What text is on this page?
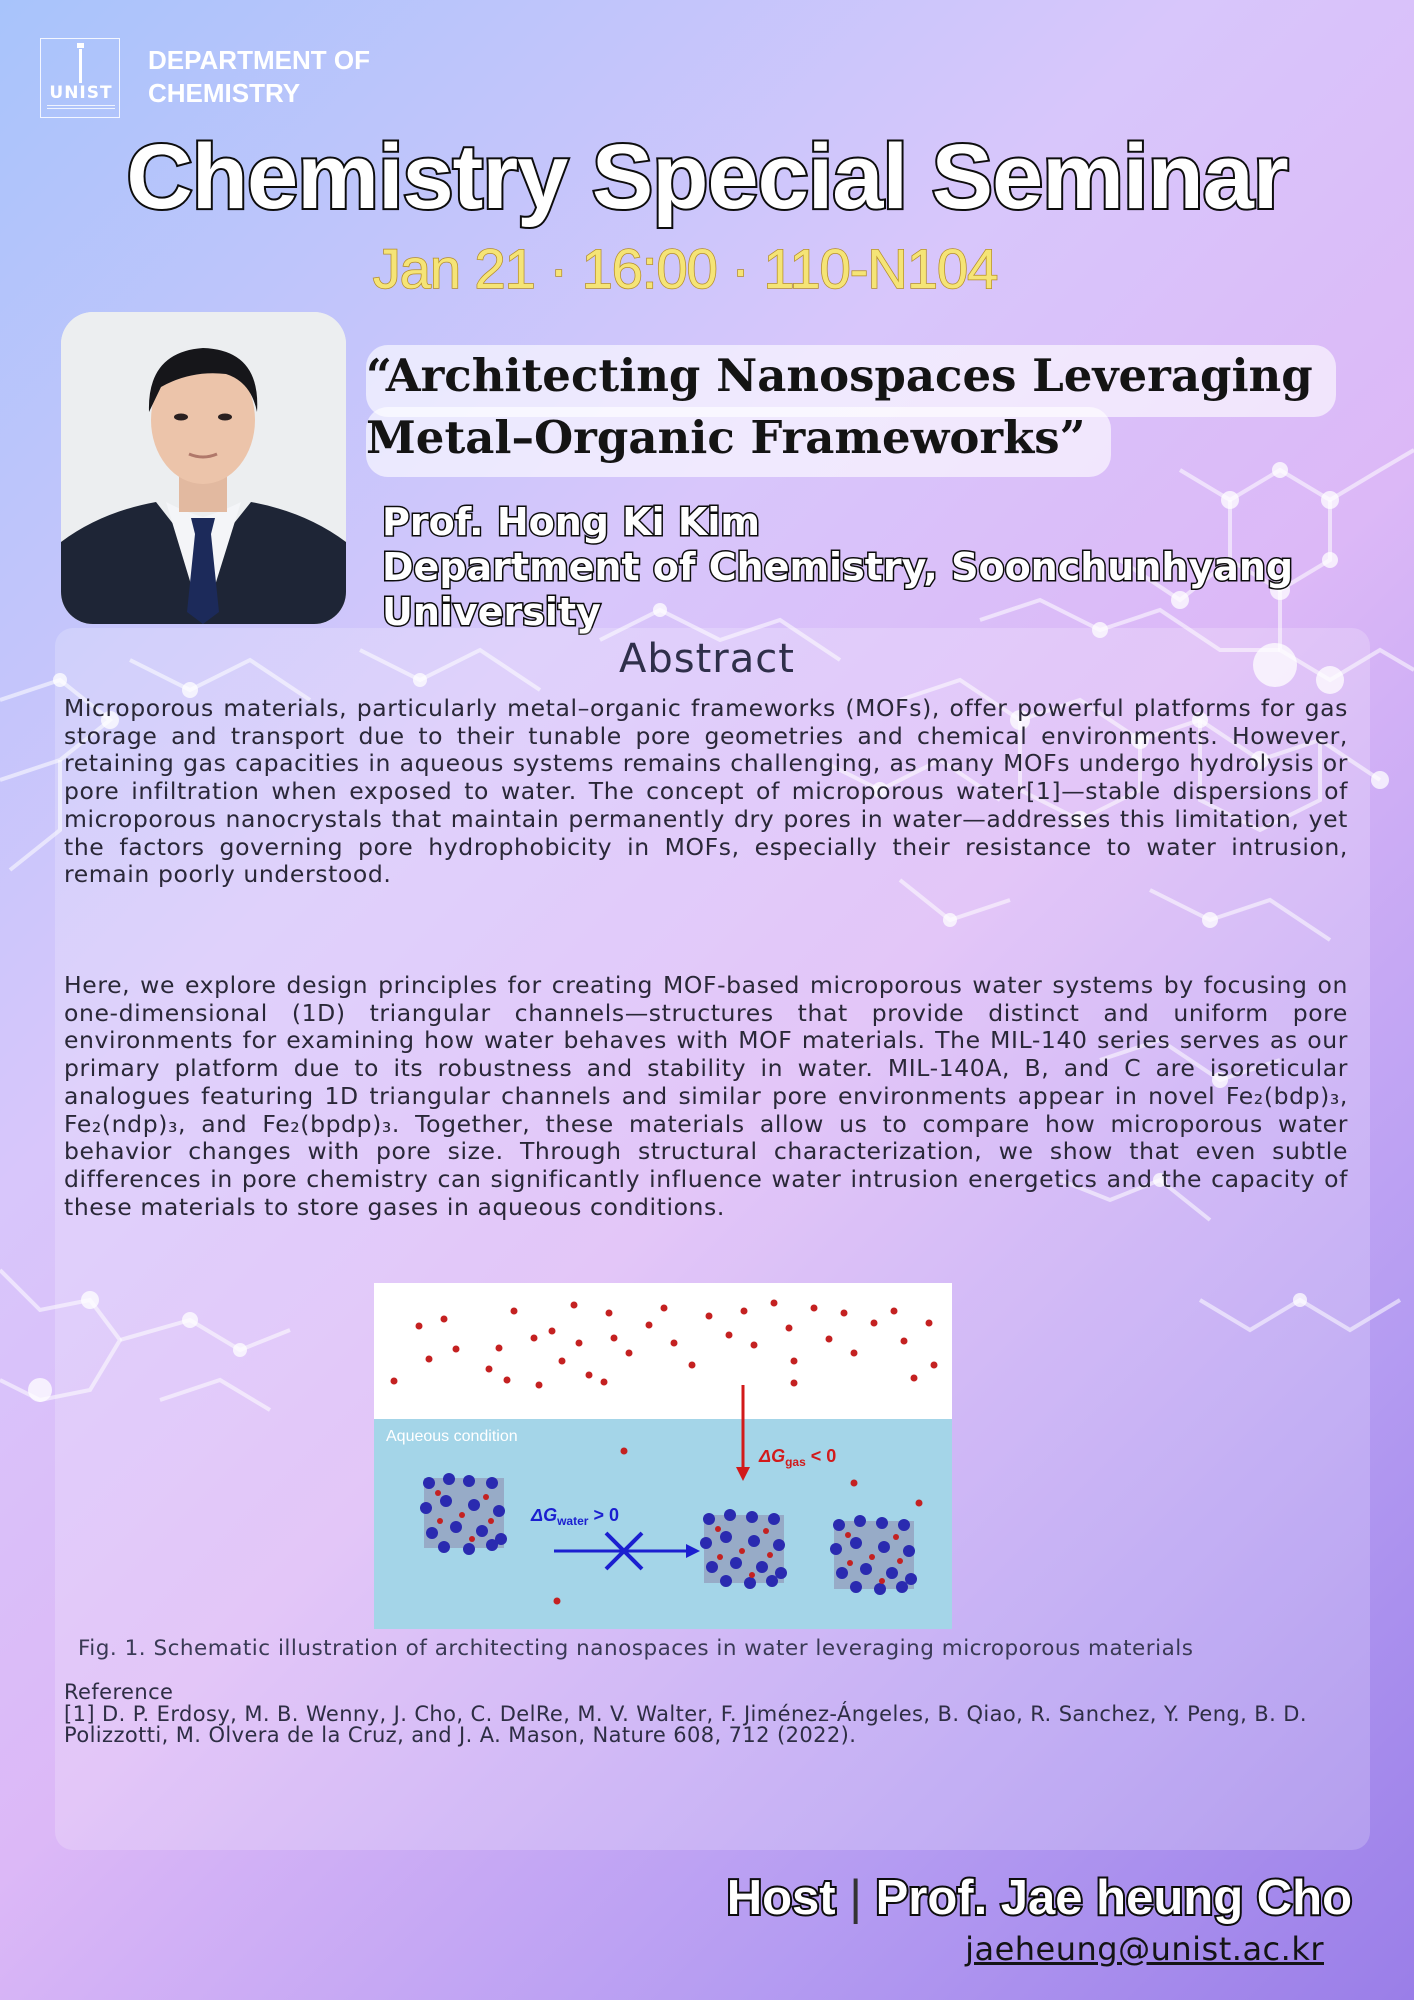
UNIST
DEPARTMENT OF
CHEMISTRY
Chemistry Special Seminar
Jan 21 · 16:00 · 110-N104
“Architecting Nanospaces Leveraging
Metal–Organic Frameworks”
Prof. Hong Ki Kim
Department of Chemistry, Soonchunhyang
University
Abstract

Microporous materials, particularly metal–organic frameworks (MOFs), offer powerful platforms for gas storage and transport due to their tunable pore geometries and chemical environments. However, retaining gas capacities in aqueous systems remains challenging, as many MOFs undergo hydrolysis or pore infiltration when exposed to water. The concept of microporous water[1]—stable dispersions of microporous nanocrystals that maintain permanently dry pores in water—addresses this limitation, yet the factors governing pore hydrophobicity in MOFs, especially their resistance to water intrusion, remain poorly understood.

Here, we explore design principles for creating MOF-based microporous water systems by focusing on one-dimensional (1D) triangular channels—structures that provide distinct and uniform pore environments for examining how water behaves with MOF materials. The MIL-140 series serves as our primary platform due to its robustness and stability in water. MIL-140A, B, and C are isoreticular analogues featuring 1D triangular channels and similar pore environments appear in novel Fe₂(bdp)₃, Fe₂(ndp)₃, and Fe₂(bpdp)₃. Together, these materials allow us to compare how microporous water behavior changes with pore size. Through structural characterization, we show that even subtle differences in pore chemistry can significantly influence water intrusion energetics and the capacity of these materials to store gases in aqueous conditions.

Aqueous condition
$\Delta G_{gas} < 0$
$\Delta G_{water} > 0$
Fig. 1. Schematic illustration of architecting nanospaces in water leveraging microporous materials
Reference
[1] D. P. Erdosy, M. B. Wenny, J. Cho, C. DelRe, M. V. Walter, F. Jiménez-Ángeles, B. Qiao, R. Sanchez, Y. Peng, B. D. Polizzotti, M. Olvera de la Cruz, and J. A. Mason, Nature 608, 712 (2022).
Host | Prof. Jae heung Cho
jaeheung@unist.ac.kr
